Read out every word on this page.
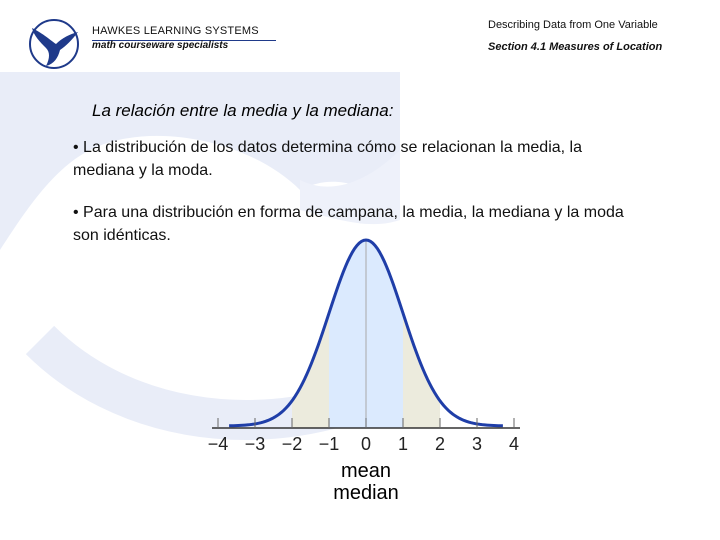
HAWKES LEARNING SYSTEMS
math courseware specialists
Describing Data from One Variable
Section 4.1 Measures of Location
La relación entre la media y la mediana:
• La distribución de los datos determina cómo se relacionan la media, la mediana y la moda.
• Para una distribución en forma de campana, la media, la mediana y la moda son idénticas.
−4 −3 −2 −1 0 1 2 3 4
mean
median
